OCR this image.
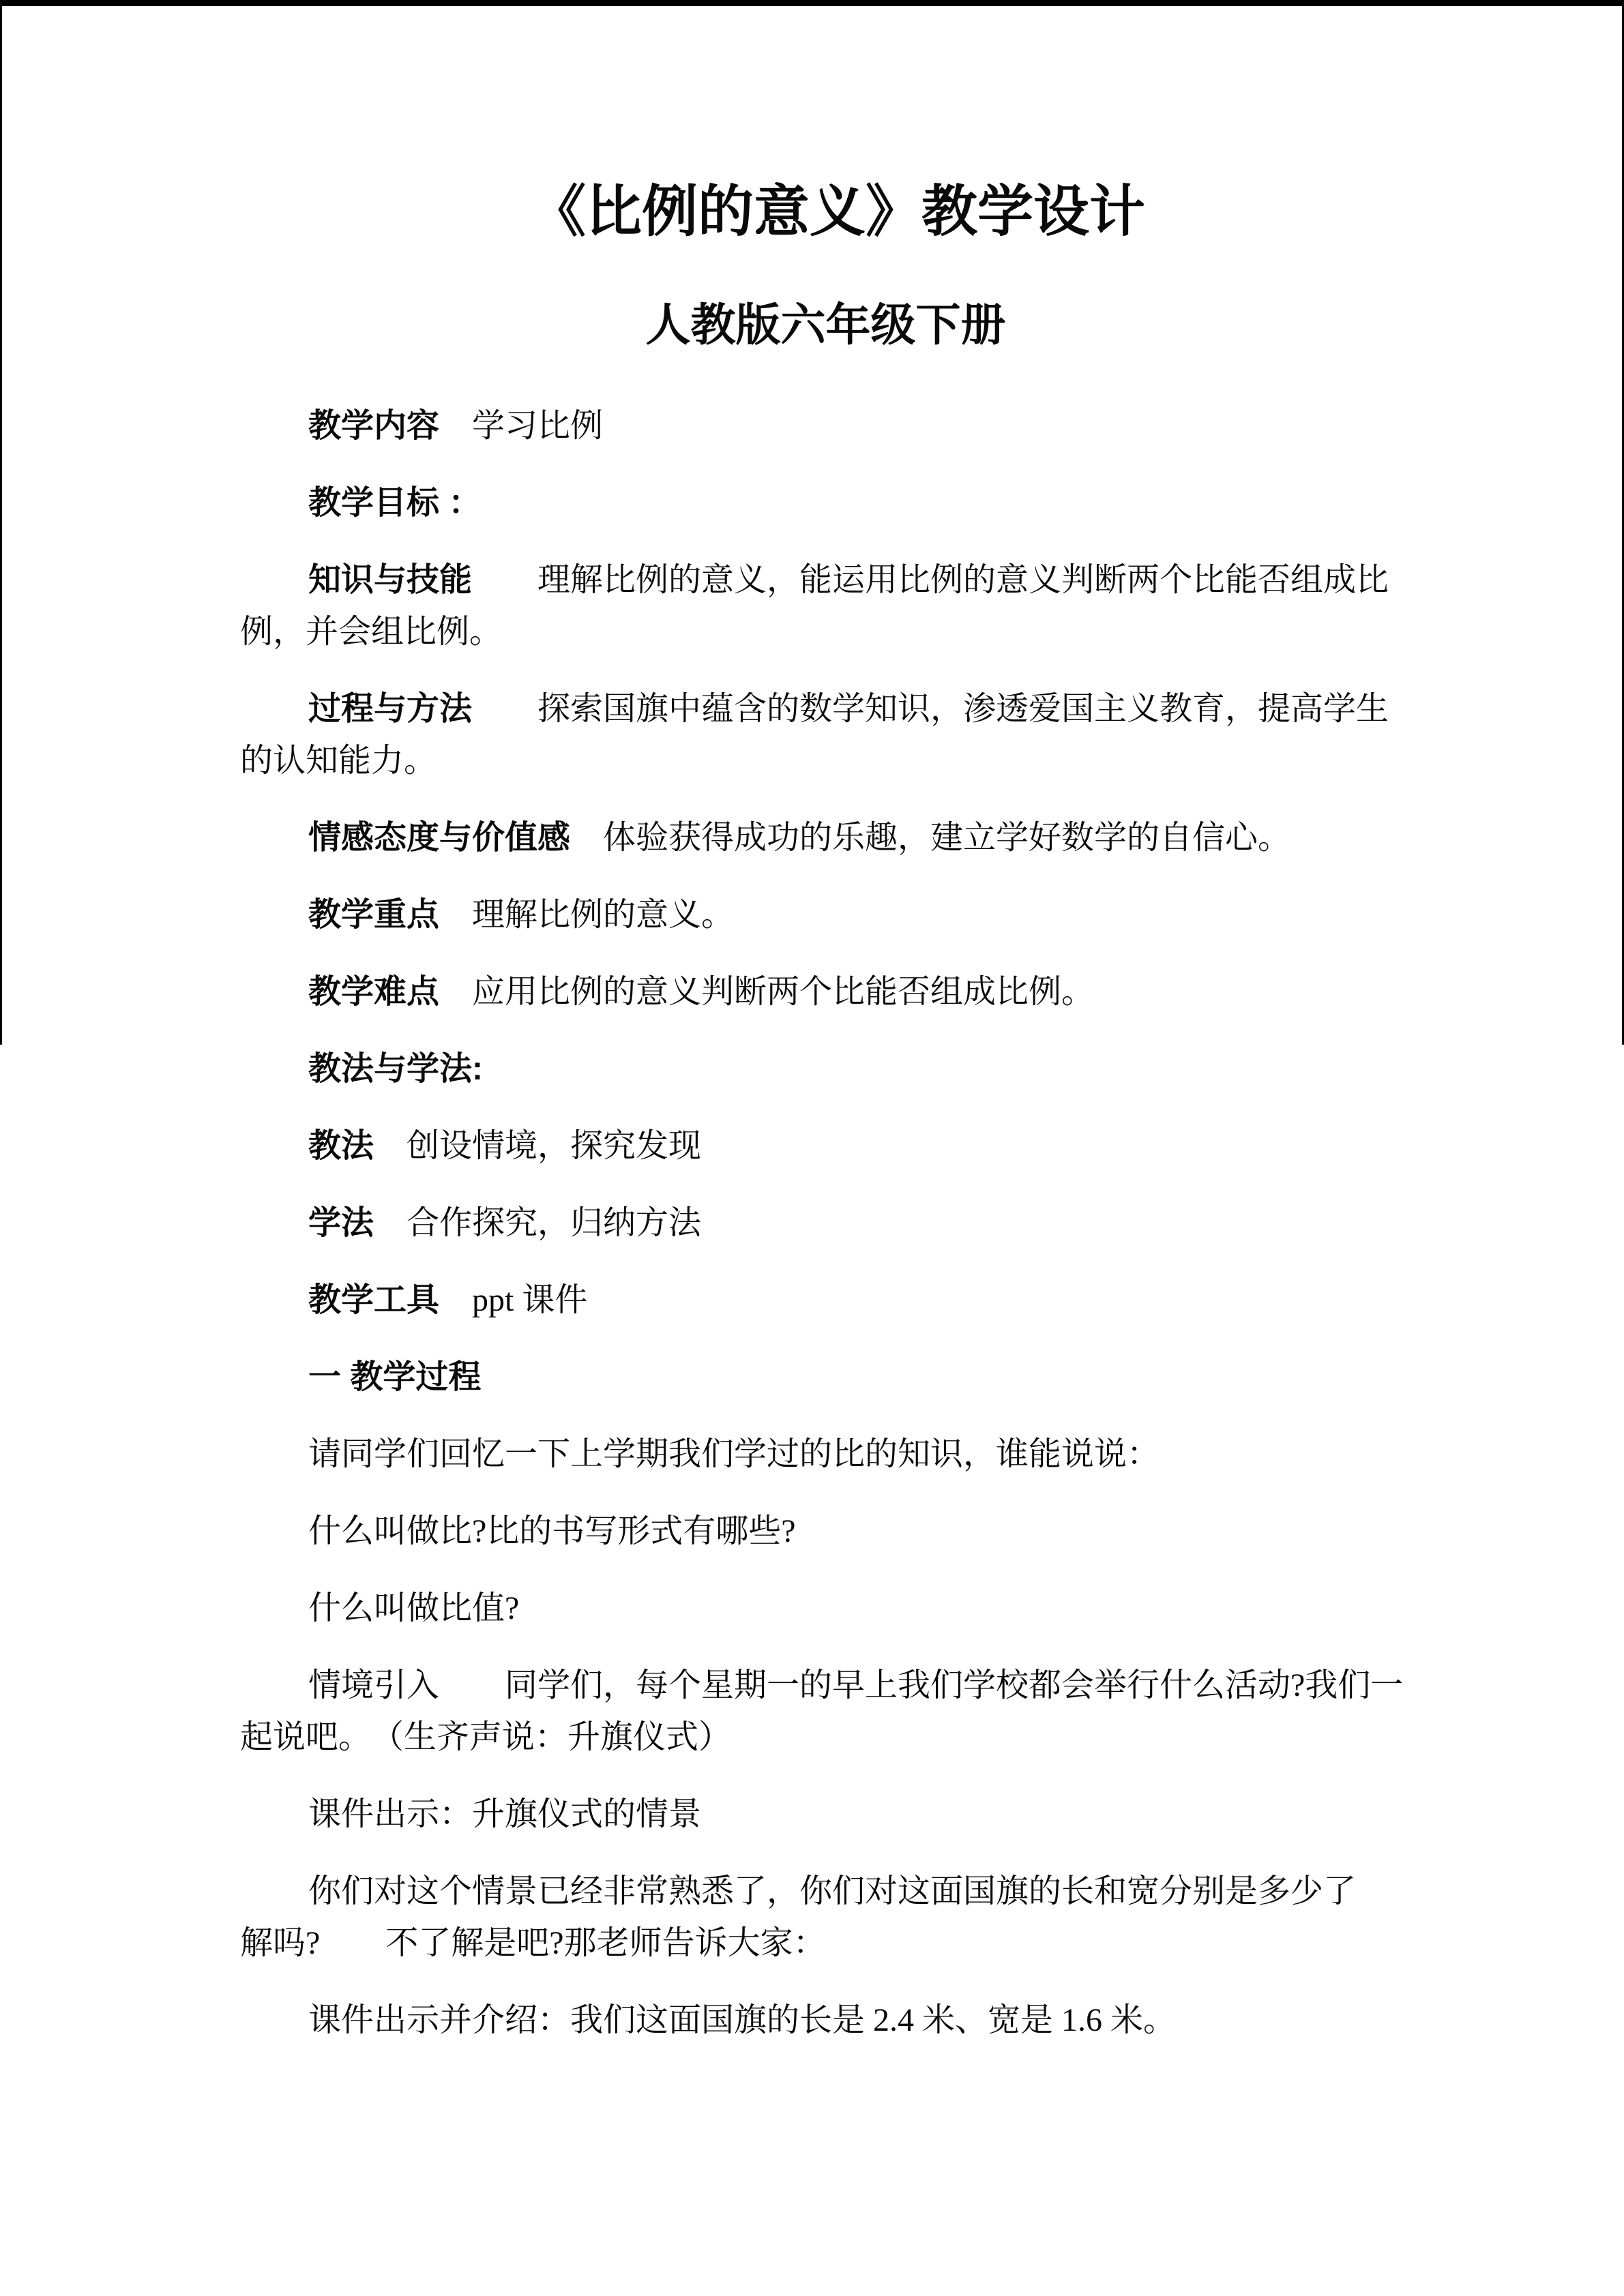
《比例的意义》教学设计
人教版六年级下册
教学内容　学习比例
教学目标 ：
知识与技能　　理解比例的意义，能运用比例的意义判断两个比能否组成比
例，并会组比例。
过程与方法　　探索国旗中蕴含的数学知识，渗透爱国主义教育，提高学生
的认知能力。
情感态度与价值感　体验获得成功的乐趣，建立学好数学的自信心。
教学重点　理解比例的意义。
教学难点　应用比例的意义判断两个比能否组成比例。
教法与学法:
教法　创设情境，探究发现
学法　合作探究，归纳方法
教学工具　ppt 课件
一 教学过程
请同学们回忆一下上学期我们学过的比的知识，谁能说说：
什么叫做比?比的书写形式有哪些?
什么叫做比值?
情境引入　　同学们，每个星期一的早上我们学校都会举行什么活动?我们一
起说吧。　（生齐声说：升旗仪式）
课件出示：升旗仪式的情景
你们对这个情景已经非常熟悉了，你们对这面国旗的长和宽分别是多少了
解吗?　　不了解是吧?那老师告诉大家：
课件出示并介绍：我们这面国旗的长是 2.4 米、宽是 1.6 米。
